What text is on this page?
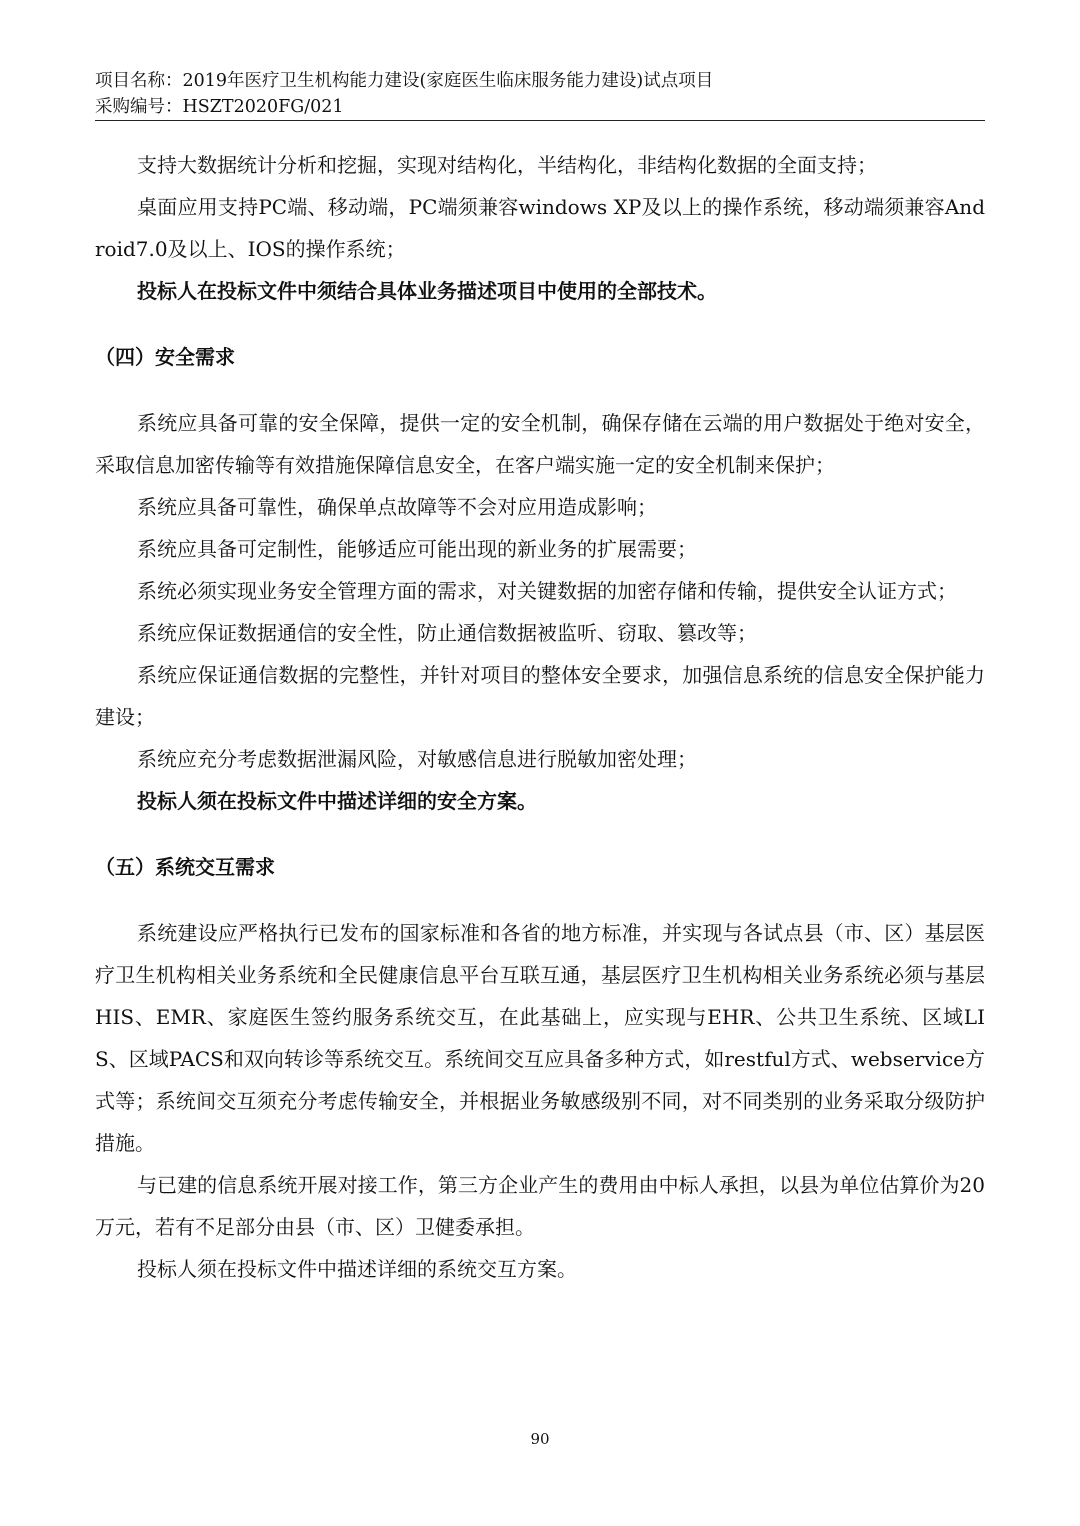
项目名称：2019年医疗卫生机构能力建设(家庭医生临床服务能力建设)试点项目
采购编号：HSZT2020FG/021

支持大数据统计分析和挖掘，实现对结构化，半结构化，非结构化数据的全面支持；

桌面应用支持PC端、移动端，PC端须兼容windows XP及以上的操作系统，移动端须兼容Android7.0及以上、IOS的操作系统；

投标人在投标文件中须结合具体业务描述项目中使用的全部技术。

（四）安全需求

系统应具备可靠的安全保障，提供一定的安全机制，确保存储在云端的用户数据处于绝对安全，采取信息加密传输等有效措施保障信息安全，在客户端实施一定的安全机制来保护；

系统应具备可靠性，确保单点故障等不会对应用造成影响；

系统应具备可定制性，能够适应可能出现的新业务的扩展需要；

系统必须实现业务安全管理方面的需求，对关键数据的加密存储和传输，提供安全认证方式；

系统应保证数据通信的安全性，防止通信数据被监听、窃取、篡改等；

系统应保证通信数据的完整性，并针对项目的整体安全要求，加强信息系统的信息安全保护能力建设；

系统应充分考虑数据泄漏风险，对敏感信息进行脱敏加密处理；

投标人须在投标文件中描述详细的安全方案。

（五）系统交互需求

系统建设应严格执行已发布的国家标准和各省的地方标准，并实现与各试点县（市、区）基层医疗卫生机构相关业务系统和全民健康信息平台互联互通，基层医疗卫生机构相关业务系统必须与基层HIS、EMR、家庭医生签约服务系统交互，在此基础上，应实现与EHR、公共卫生系统、区域LIS、区域PACS和双向转诊等系统交互。系统间交互应具备多种方式，如restful方式、webservice方式等；系统间交互须充分考虑传输安全，并根据业务敏感级别不同，对不同类别的业务采取分级防护措施。

与已建的信息系统开展对接工作，第三方企业产生的费用由中标人承担，以县为单位估算价为20万元，若有不足部分由县（市、区）卫健委承担。

投标人须在投标文件中描述详细的系统交互方案。

90
